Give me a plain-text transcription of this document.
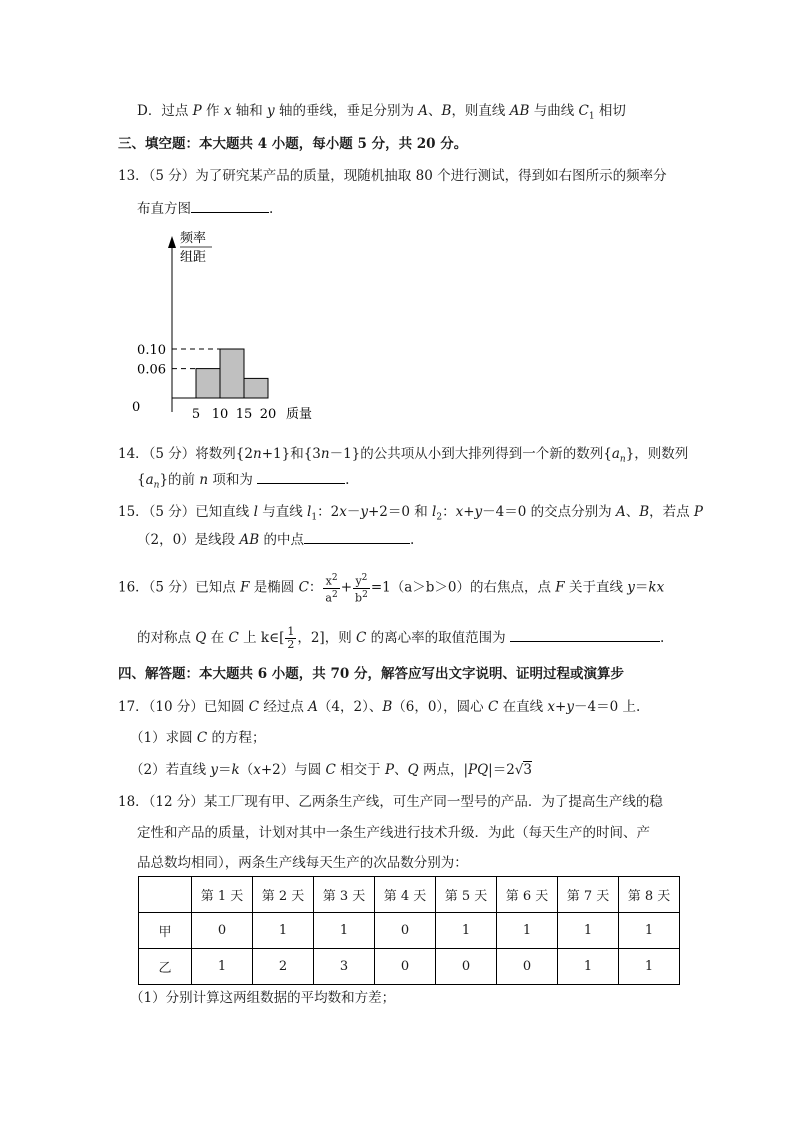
D．过点 P 作 x 轴和 y 轴的垂线，垂足分别为 A、B，则直线 AB 与曲线 $C_1$ 相切
三、填空题：本大题共 4 小题，每小题 5 分，共 20 分。
13．（5 分）为了研究某产品的质量，现随机抽取 80 个进行测试，得到如右图所示的频率分
布直方图	.
频率
组距
0
0.06
0.10
5 10 15 20 质量
14．（5 分）将数列{2n+1}和{3n－1}的公共项从小到大排列得到一个新的数列$\{a_n\}$，则数列
$\{a_n\}$的前 n 项和为	.
15．（5 分）已知直线 l 与直线 $l_1$：2x－y+2＝0 和 $l_2$：x+y－4＝0 的交点分别为 A、B，若点 P
（2，0）是线段 AB 的中点	.
16．（5 分）已知点 F 是椭圆 C： $\frac{x^2}{a^2} + \frac{y^2}{b^2} =1(a>b>0)$的右焦点，点 F 关于直线 y＝kx
的对称点 Q 在 C 上 k∈[ $\frac{1}{2}$ ，2]，则 C 的离心率的取值范围为	.
四、解答题：本大题共 6 小题，共 70 分，解答应写出文字说明、证明过程或演算步
17．（10 分）已知圆 C 经过点 A（4，2）、B（6，0），圆心 C 在直线 x+y－4＝0 上.
（1）求圆 C 的方程；
（2）若直线 y＝k（x+2）与圆 C 相交于 P、Q 两点，|PQ|＝2√3
18．（12 分）某工厂现有甲、乙两条生产线，可生产同一型号的产品．为了提高生产线的稳
定性和产品的质量，计划对其中一条生产线进行技术升级．为此（每天生产的时间、产
品总数均相同），两条生产线每天生产的次品数分别为：
	第 1 天	第 2 天	第 3 天	第 4 天	第 5 天	第 6 天	第 7 天	第 8 天
甲	0	1	1	0	1	1	1	1
乙	1	2	3	0	0	0	1	1
（1）分别计算这两组数据的平均数和方差；
